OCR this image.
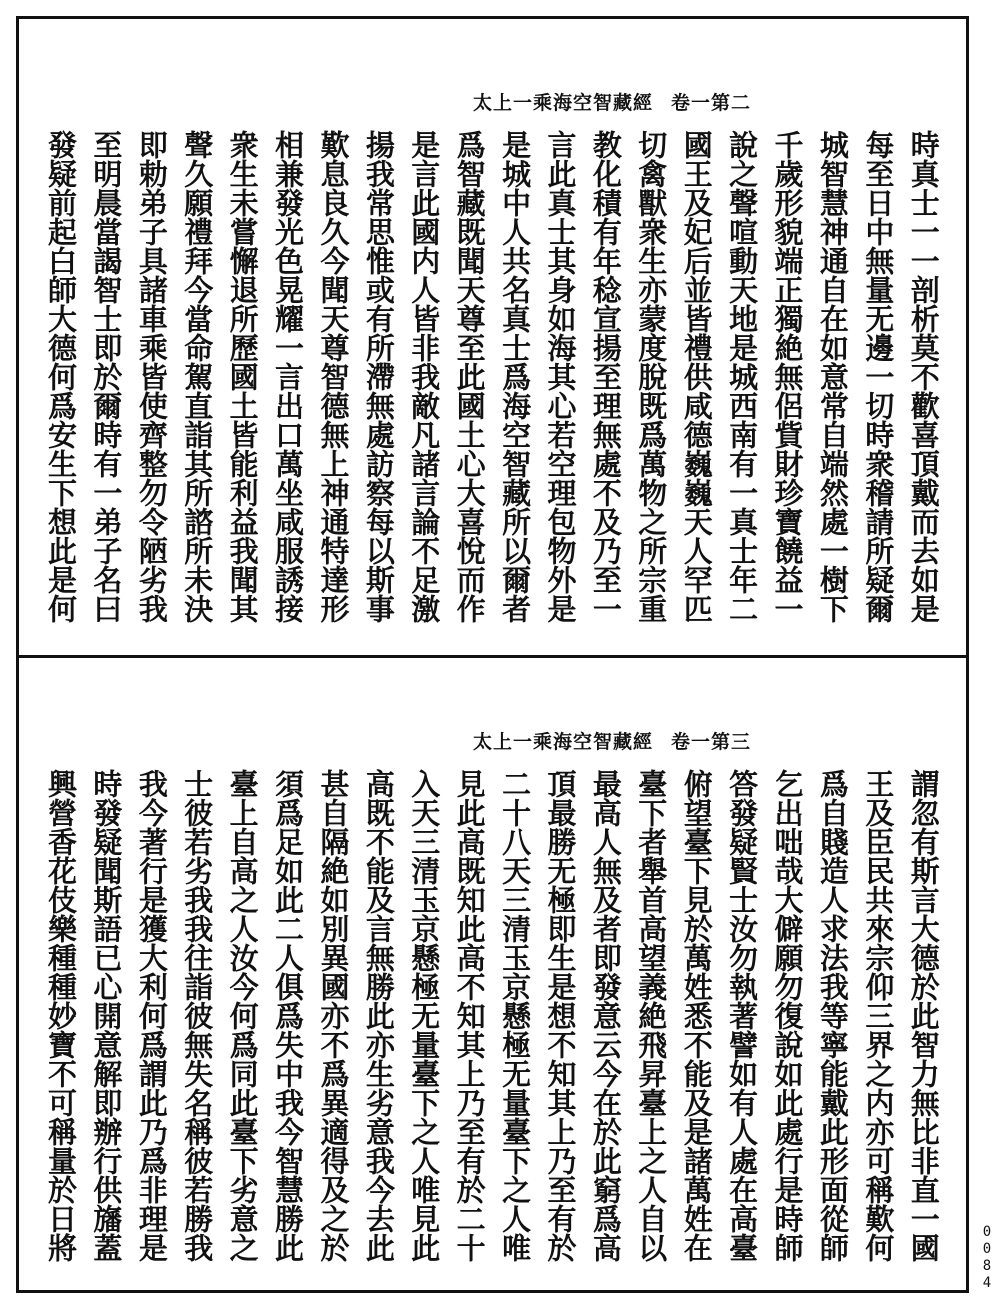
太上一乘海空智藏經 卷一第二
時真士一一剖析莫不歡喜頂戴而去如是
每至日中無量无邊一切時衆稽請所疑爾
城智慧神通自在如意常自端然處一樹下
千歲形貌端正獨絶無侶貲財珍寶饒益一
說之聲喧動天地是城西南有一真士年二
國王及妃后並皆禮供咸德巍巍天人罕匹
切禽獸衆生亦蒙度脫既爲萬物之所宗重
教化積有年稔宣揚至理無處不及乃至一
言此真士其身如海其心若空理包物外是
是城中人共名真士爲海空智藏所以爾者
爲智藏既聞天尊至此國土心大喜悅而作
是言此國内人皆非我敵凡諸言論不足激
揚我常思惟或有所滯無處訪察每以斯事
歎息良久今聞天尊智德無上神通特達形
相兼發光色晃耀一言出口萬坐咸服誘接
衆生未嘗懈退所歷國土皆能利益我聞其
聲久願禮拜今當命駕直詣其所諮所未決
即勅弟子具諸車乘皆使齊整勿令陋劣我
至明晨當謁智士即於爾時有一弟子名曰
發疑前起白師大德何爲安生下想此是何
太上一乘海空智藏經 卷一第三
謂忽有斯言大德於此智力無比非直一國
王及臣民共來宗仰三界之内亦可稱歎何
爲自賤造人求法我等寧能戴此形面從師
乞出咄哉大僻願勿復說如此處行是時師
答發疑賢士汝勿執著譬如有人處在高臺
俯望臺下見於萬姓悉不能及是諸萬姓在
臺下者舉首高望義絶飛昇臺上之人自以
最高人無及者即發意云今在於此窮爲高
頂最勝无極即生是想不知其上乃至有於
二十八天三清玉京懸極无量臺下之人唯
見此高既知此高不知其上乃至有於二十
入天三清玉京懸極无量臺下之人唯見此
高既不能及言無勝此亦生劣意我今去此
甚自隔絶如別異國亦不爲異適得及之於
須爲足如此二人俱爲失中我今智慧勝此
臺上自高之人汝今何爲同此臺下劣意之
士彼若劣我我往詣彼無失名稱彼若勝我
我今著行是獲大利何爲謂此乃爲非理是
時發疑聞斯語已心開意解即辦行供旛蓋
興營香花伎樂種種妙寶不可稱量於日將	0084
